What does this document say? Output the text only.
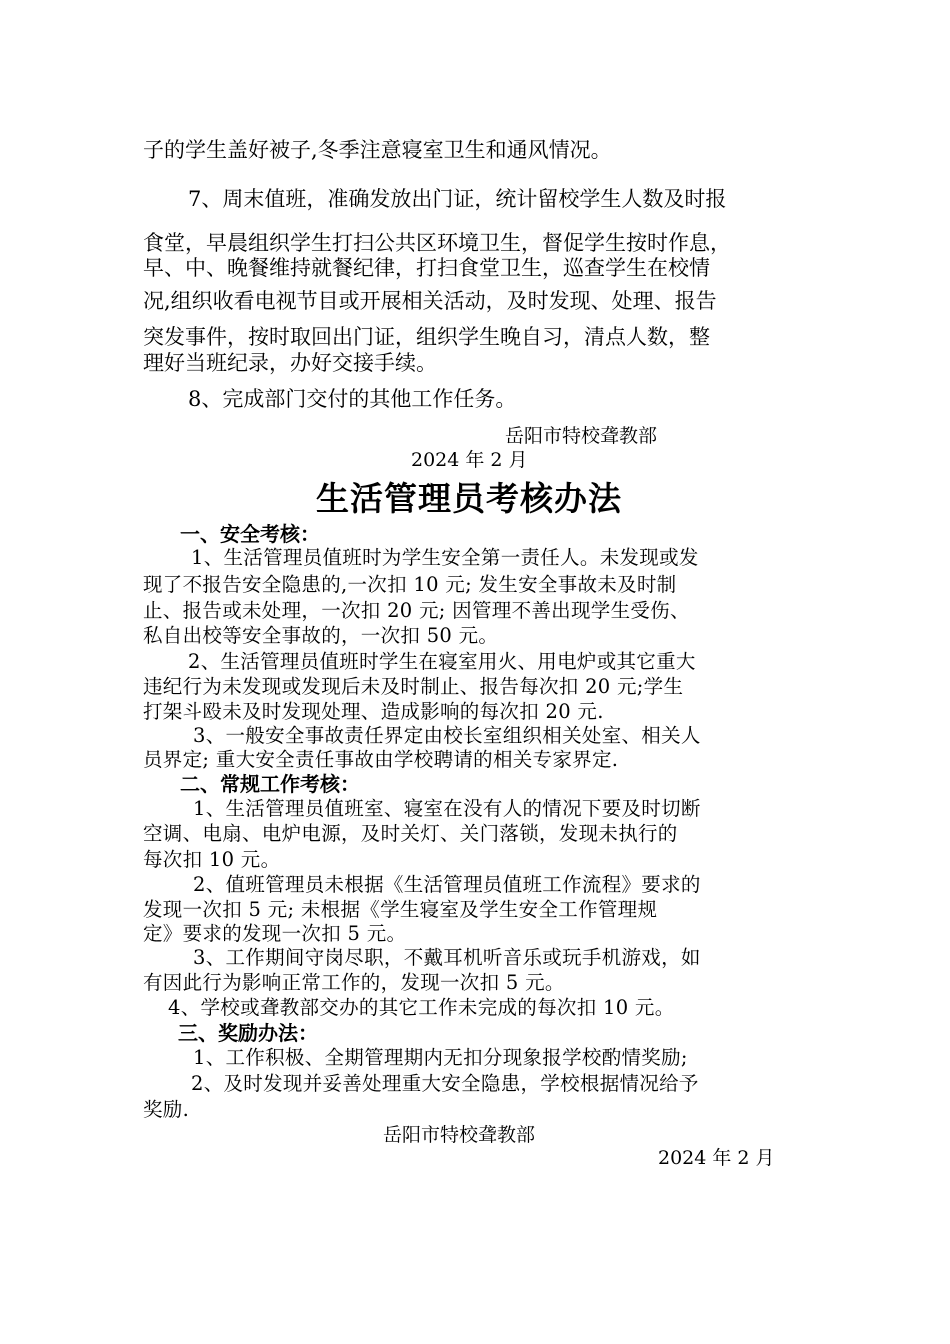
子的学生盖好被子,冬季注意寝室卫生和通风情况。
7、周末值班，准确发放出门证，统计留校学生人数及时报
食堂，早晨组织学生打扫公共区环境卫生，督促学生按时作息，
早、中、晚餐维持就餐纪律，打扫食堂卫生，巡查学生在校情
况,组织收看电视节目或开展相关活动，及时发现、处理、报告
突发事件，按时取回出门证，组织学生晚自习，清点人数，整
理好当班纪录，办好交接手续。
8、完成部门交付的其他工作任务。
岳阳市特校聋教部
2024 年 2 月
生活管理员考核办法
一、安全考核：
1、生活管理员值班时为学生安全第一责任人。未发现或发
现了不报告安全隐患的,一次扣 10 元; 发生安全事故未及时制
止、报告或未处理，一次扣 20 元; 因管理不善出现学生受伤、
私自出校等安全事故的，一次扣 50 元。
2、生活管理员值班时学生在寝室用火、用电炉或其它重大
违纪行为未发现或发现后未及时制止、报告每次扣 20 元;学生
打架斗殴未及时发现处理、造成影响的每次扣 20 元.
3、一般安全事故责任界定由校长室组织相关处室、相关人
员界定; 重大安全责任事故由学校聘请的相关专家界定.
二、常规工作考核：
1、生活管理员值班室、寝室在没有人的情况下要及时切断
空调、电扇、电炉电源，及时关灯、关门落锁，发现未执行的
每次扣 10 元。
2、值班管理员未根据《生活管理员值班工作流程》要求的
发现一次扣 5 元; 未根据《学生寝室及学生安全工作管理规
定》要求的发现一次扣 5 元。
3、工作期间守岗尽职，不戴耳机听音乐或玩手机游戏，如
有因此行为影响正常工作的，发现一次扣 5 元。
4、学校或聋教部交办的其它工作未完成的每次扣 10 元。
三、奖励办法：
1、工作积极、全期管理期内无扣分现象报学校酌情奖励;
2、及时发现并妥善处理重大安全隐患，学校根据情况给予
奖励.
岳阳市特校聋教部
2024 年 2 月
